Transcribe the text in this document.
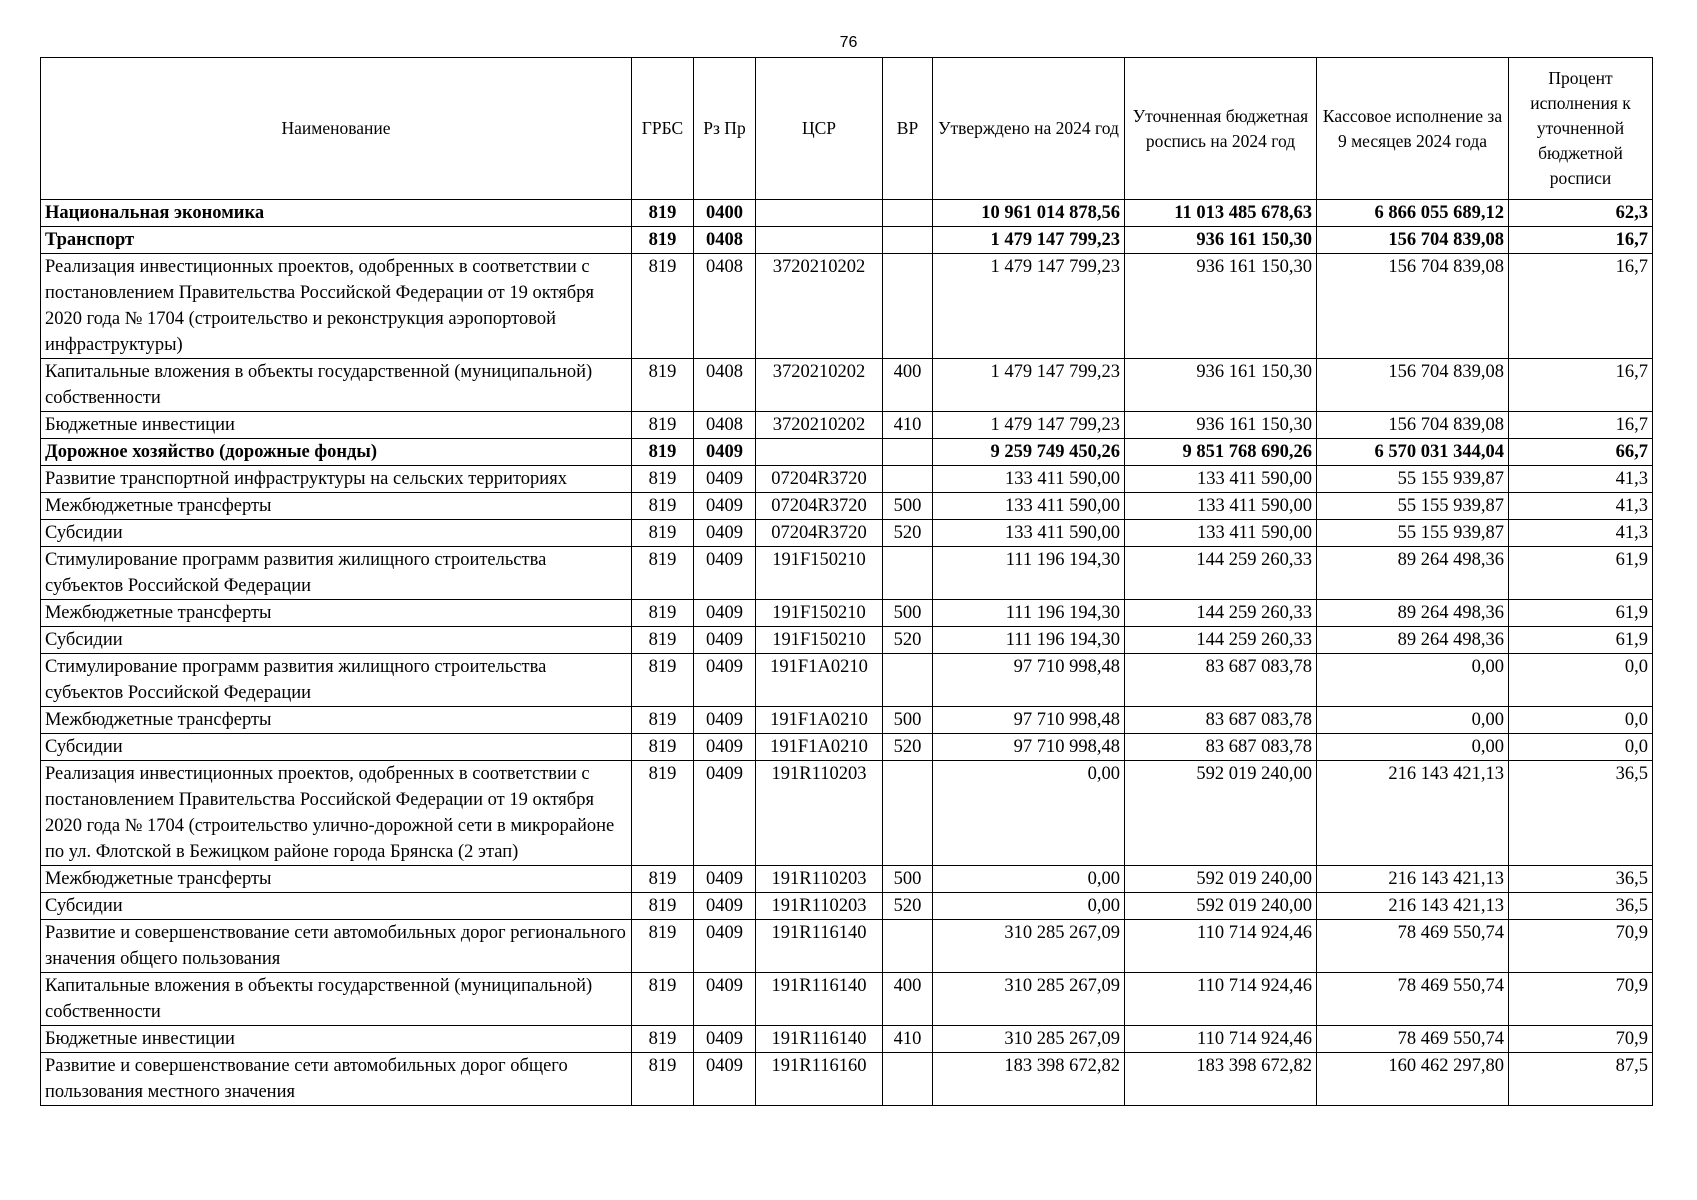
76
Наименование	ГРБС	Рз Пр	ЦСР	ВР	Утверждено на 2024 год	Уточненная бюджетная роспись на 2024 год	Кассовое исполнение за 9 месяцев 2024 года	Процент исполнения к уточненной бюджетной росписи
Национальная экономика	819	0400			10 961 014 878,56	11 013 485 678,63	6 866 055 689,12	62,3
Транспорт	819	0408			1 479 147 799,23	936 161 150,30	156 704 839,08	16,7
Реализация инвестиционных проектов, одобренных в соответствии с постановлением Правительства Российской Федерации от 19 октября 2020 года № 1704 (строительство и реконструкция аэропортовой инфраструктуры)	819	0408	3720210202		1 479 147 799,23	936 161 150,30	156 704 839,08	16,7
Капитальные вложения в объекты государственной (муниципальной) собственности	819	0408	3720210202	400	1 479 147 799,23	936 161 150,30	156 704 839,08	16,7
Бюджетные инвестиции	819	0408	3720210202	410	1 479 147 799,23	936 161 150,30	156 704 839,08	16,7
Дорожное хозяйство (дорожные фонды)	819	0409			9 259 749 450,26	9 851 768 690,26	6 570 031 344,04	66,7
Развитие транспортной инфраструктуры на сельских территориях	819	0409	07204R3720		133 411 590,00	133 411 590,00	55 155 939,87	41,3
Межбюджетные трансферты	819	0409	07204R3720	500	133 411 590,00	133 411 590,00	55 155 939,87	41,3
Субсидии	819	0409	07204R3720	520	133 411 590,00	133 411 590,00	55 155 939,87	41,3
Стимулирование программ развития жилищного строительства субъектов Российской Федерации	819	0409	191F150210		111 196 194,30	144 259 260,33	89 264 498,36	61,9
Межбюджетные трансферты	819	0409	191F150210	500	111 196 194,30	144 259 260,33	89 264 498,36	61,9
Субсидии	819	0409	191F150210	520	111 196 194,30	144 259 260,33	89 264 498,36	61,9
Стимулирование программ развития жилищного строительства субъектов Российской Федерации	819	0409	191F1A0210		97 710 998,48	83 687 083,78	0,00	0,0
Межбюджетные трансферты	819	0409	191F1A0210	500	97 710 998,48	83 687 083,78	0,00	0,0
Субсидии	819	0409	191F1A0210	520	97 710 998,48	83 687 083,78	0,00	0,0
Реализация инвестиционных проектов, одобренных в соответствии с постановлением Правительства Российской Федерации от 19 октября 2020 года № 1704 (строительство улично-дорожной сети в микрорайоне по ул. Флотской в Бежицком районе города Брянска (2 этап)	819	0409	191R110203		0,00	592 019 240,00	216 143 421,13	36,5
Межбюджетные трансферты	819	0409	191R110203	500	0,00	592 019 240,00	216 143 421,13	36,5
Субсидии	819	0409	191R110203	520	0,00	592 019 240,00	216 143 421,13	36,5
Развитие и совершенствование сети автомобильных дорог регионального значения общего пользования	819	0409	191R116140		310 285 267,09	110 714 924,46	78 469 550,74	70,9
Капитальные вложения в объекты государственной (муниципальной) собственности	819	0409	191R116140	400	310 285 267,09	110 714 924,46	78 469 550,74	70,9
Бюджетные инвестиции	819	0409	191R116140	410	310 285 267,09	110 714 924,46	78 469 550,74	70,9
Развитие и совершенствование сети автомобильных дорог общего пользования местного значения	819	0409	191R116160		183 398 672,82	183 398 672,82	160 462 297,80	87,5
